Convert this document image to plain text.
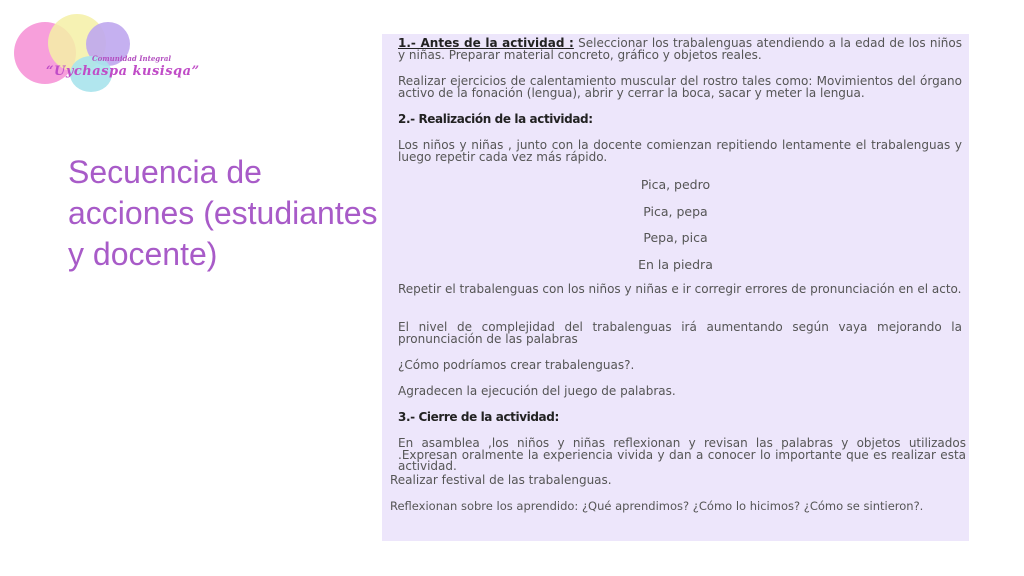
Comunidad Integral
“Uychaspa kusisqa”
Secuencia de acciones (estudiantes y docente)
1.- Antes de la actividad : Seleccionar los trabalenguas atendiendo a la edad de los niños y niñas. Preparar material concreto, gráfico y objetos reales.
Realizar ejercicios de calentamiento muscular del rostro tales como: Movimientos del órgano activo de la fonación (lengua), abrir y cerrar la boca, sacar y meter la lengua.
2.- Realización de la actividad:
Los niños y niñas , junto con la docente comienzan repitiendo lentamente el trabalenguas y luego repetir cada vez más rápido.
Pica, pedro
Pica, pepa
Pepa, pica
En la piedra
Repetir el trabalenguas con los niños y niñas e ir corregir errores de pronunciación en el acto.
El nivel de complejidad del trabalenguas irá aumentando según vaya mejorando la pronunciación de las palabras
¿Cómo podríamos crear trabalenguas?.
Agradecen la ejecución del juego de palabras.
3.- Cierre de la actividad:
En asamblea ,los niños y niñas reflexionan y revisan las palabras y objetos utilizados .Expresan oralmente la experiencia vivida y dan a conocer lo importante que es realizar esta actividad.
Realizar festival de las trabalenguas.
Reflexionan sobre los aprendido: ¿Qué aprendimos? ¿Cómo lo hicimos? ¿Cómo se sintieron?.
